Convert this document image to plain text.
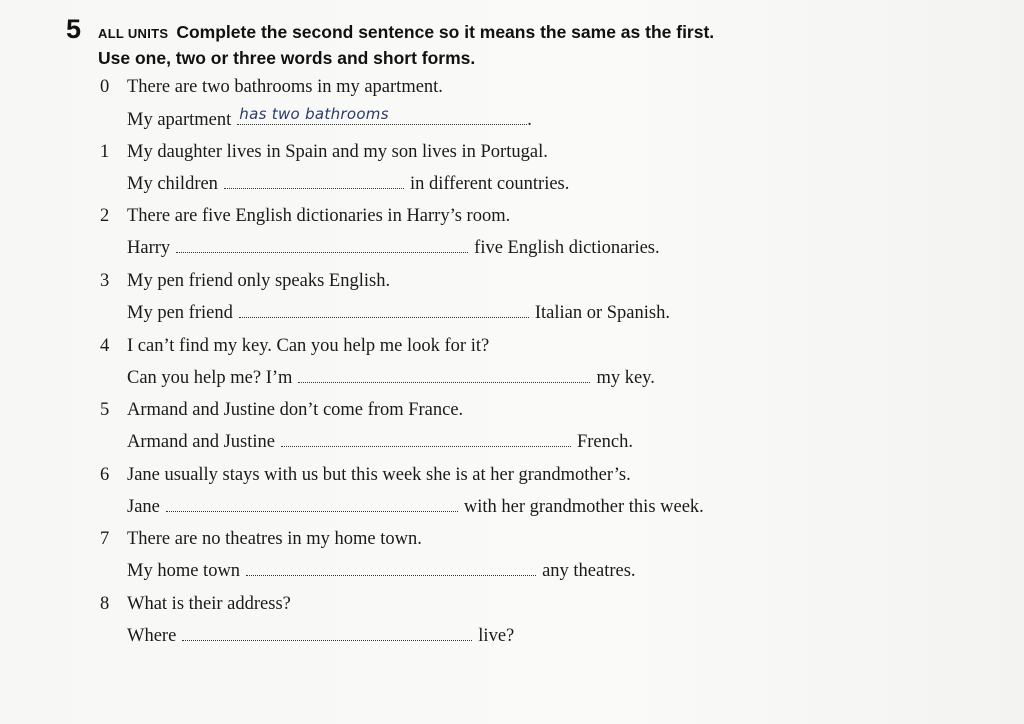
5 ALL UNITS Complete the second sentence so it means the same as the first.
Use one, two or three words and short forms.
0 There are two bathrooms in my apartment.
My apartment has two bathrooms	.
1 My daughter lives in Spain and my son lives in Portugal.
My children	in different countries.
2 There are five English dictionaries in Harry’s room.
Harry	five English dictionaries.
3 My pen friend only speaks English.
My pen friend	Italian or Spanish.
4 I can’t find my key. Can you help me look for it?
Can you help me? I’m	my key.
5 Armand and Justine don’t come from France.
Armand and Justine	French.
6 Jane usually stays with us but this week she is at her grandmother’s.
Jane	with her grandmother this week.
7 There are no theatres in my home town.
My home town	any theatres.
8 What is their address?
Where	live?
